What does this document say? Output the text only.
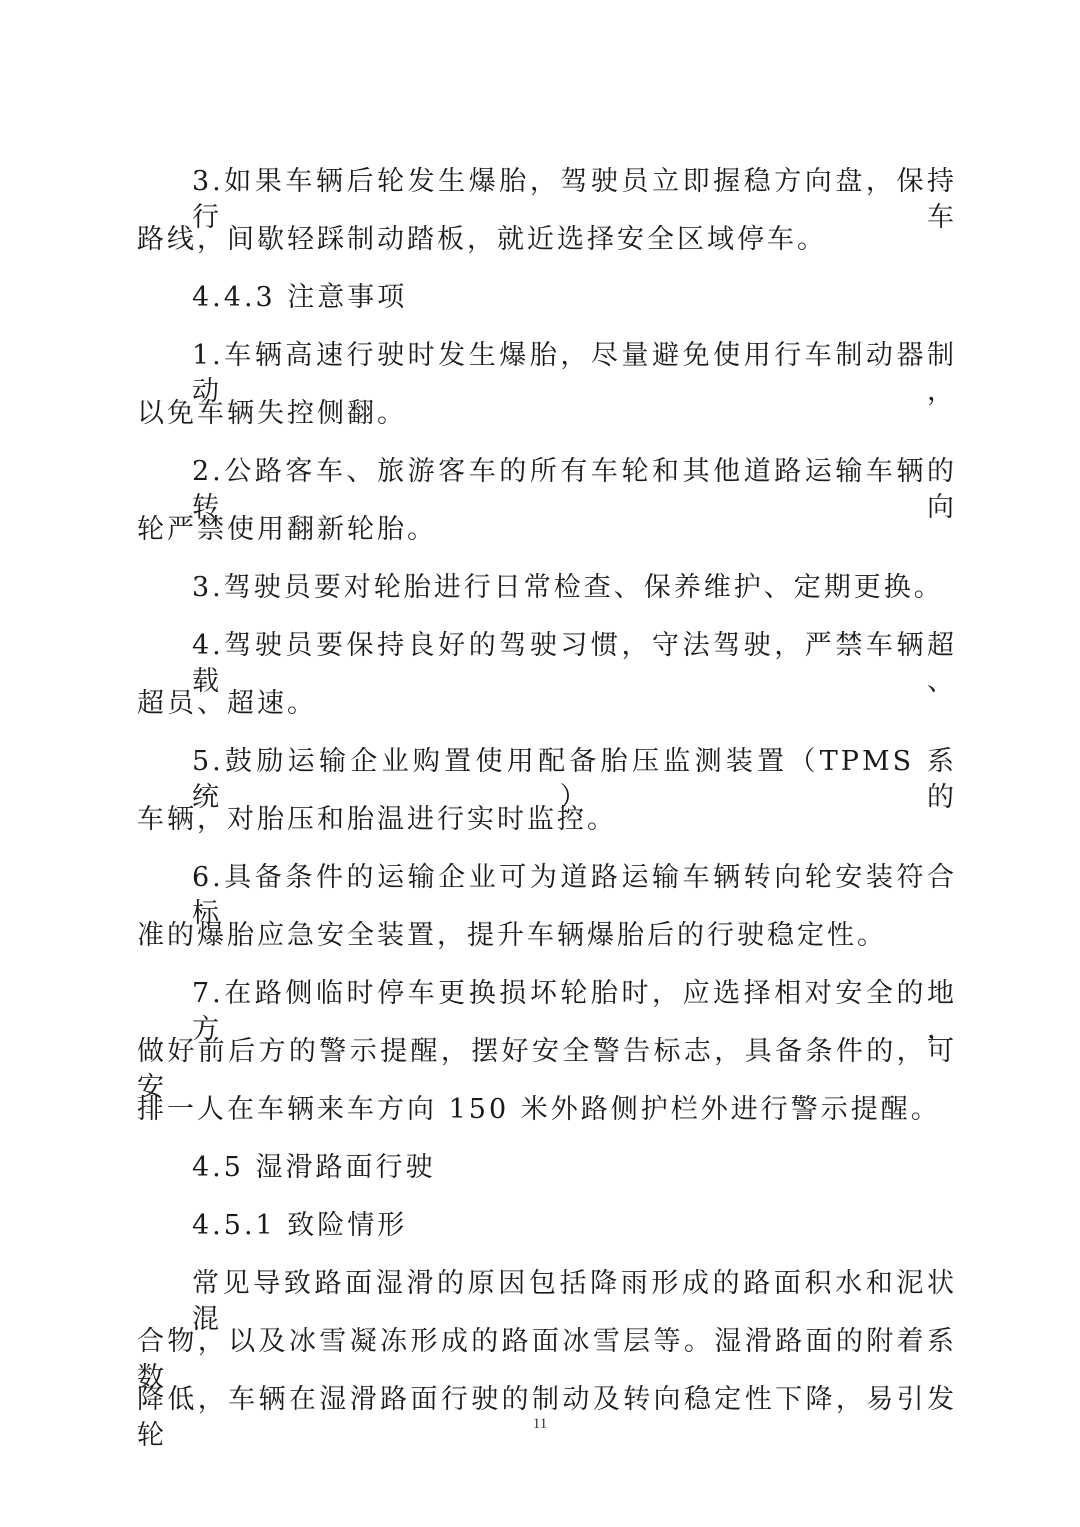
3.如果车辆后轮发生爆胎，驾驶员立即握稳方向盘，保持行车
路线，间歇轻踩制动踏板，就近选择安全区域停车。
4.4.3 注意事项
1.车辆高速行驶时发生爆胎，尽量避免使用行车制动器制动，
以免车辆失控侧翻。
2.公路客车、旅游客车的所有车轮和其他道路运输车辆的转向
轮严禁使用翻新轮胎。
3.驾驶员要对轮胎进行日常检查、保养维护、定期更换。
4.驾驶员要保持良好的驾驶习惯，守法驾驶，严禁车辆超载、
超员、超速。
5.鼓励运输企业购置使用配备胎压监测装置（TPMS 系统）的
车辆，对胎压和胎温进行实时监控。
6.具备条件的运输企业可为道路运输车辆转向轮安装符合标
准的爆胎应急安全装置，提升车辆爆胎后的行驶稳定性。
7.在路侧临时停车更换损坏轮胎时，应选择相对安全的地方，
做好前后方的警示提醒，摆好安全警告标志，具备条件的，可安
排一人在车辆来车方向 150 米外路侧护栏外进行警示提醒。
4.5 湿滑路面行驶
4.5.1 致险情形
常见导致路面湿滑的原因包括降雨形成的路面积水和泥状混
合物，以及冰雪凝冻形成的路面冰雪层等。湿滑路面的附着系数
降低，车辆在湿滑路面行驶的制动及转向稳定性下降，易引发轮	11
